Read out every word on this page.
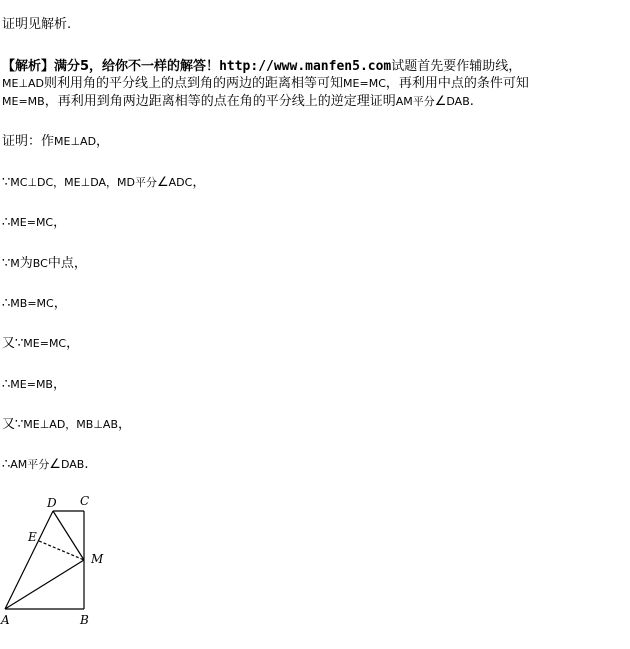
证明见解析.
【解析】满分5，给你不一样的解答！http://www.manfen5.com试题首先要作辅助线，
ME⊥AD则利用角的平分线上的点到角的两边的距离相等可知ME=MC，再利用中点的条件可知
ME=MB，再利用到角两边距离相等的点在角的平分线上的逆定理证明AM平分∠DAB.
证明：作ME⊥AD，
∵MC⊥DC，ME⊥DA，MD平分∠ADC，
∴ME=MC，
∵M为BC中点，
∴MB=MC，
又∵ME=MC，
∴ME=MB，
又∵ME⊥AD，MB⊥AB，
∴AM平分∠DAB.
D C
E
M
A	B
